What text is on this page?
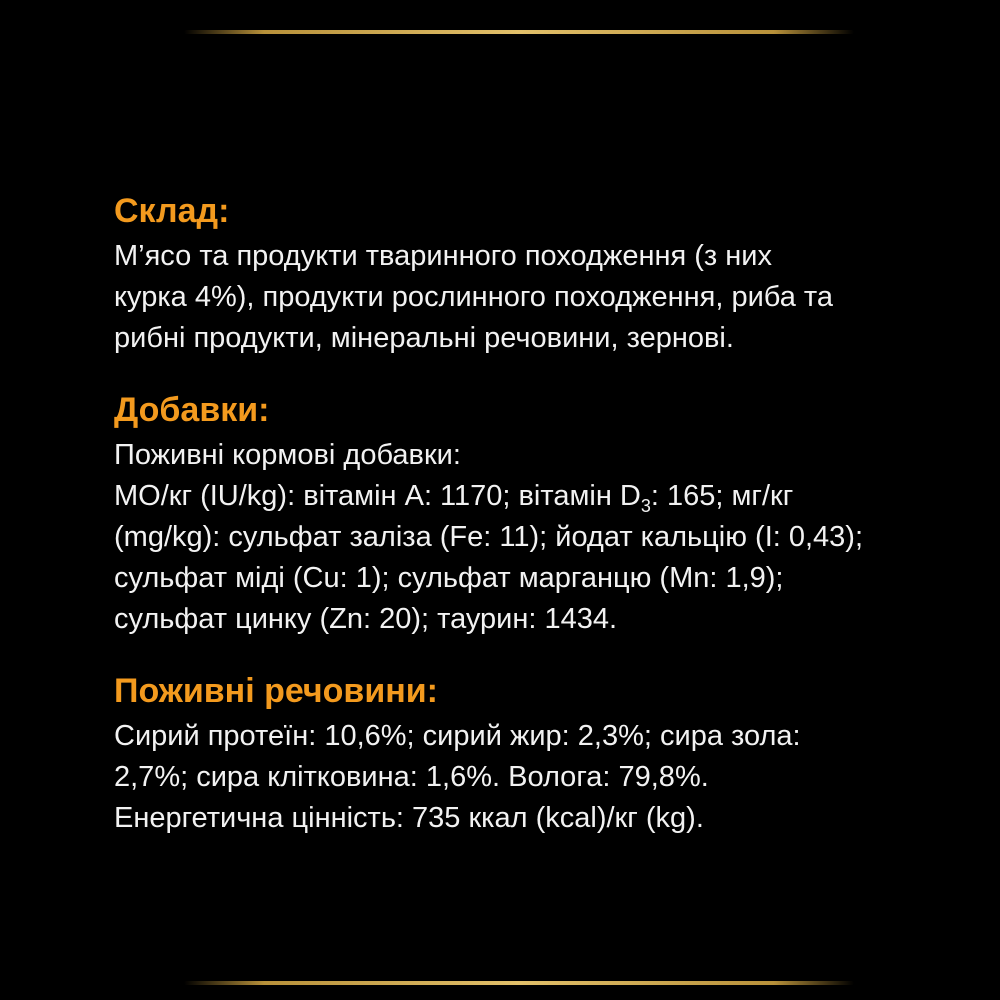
Склад:

М’ясо та продукти тваринного походження (з них
курка 4%), продукти рослинного походження, риба та
рибні продукти, мінеральні речовини, зернові.

Добавки:

Поживні кормові добавки:
МО/кг (IU/kg): вітамін А: 1170; вітамін $D_3$: 165; мг/кг
(mg/kg): сульфат заліза (Fe: 11); йодат кальцію (I: 0,43);
сульфат міді (Cu: 1); сульфат марганцю (Mn: 1,9);
сульфат цинку (Zn: 20); таурин: 1434.

Поживні речовини:

Сирий протеїн: 10,6%; сирий жир: 2,3%; сира зола:
2,7%; сира клітковина: 1,6%. Волога: 79,8%.
Енергетична цінність: 735 ккал (kcal)/кг (kg).
